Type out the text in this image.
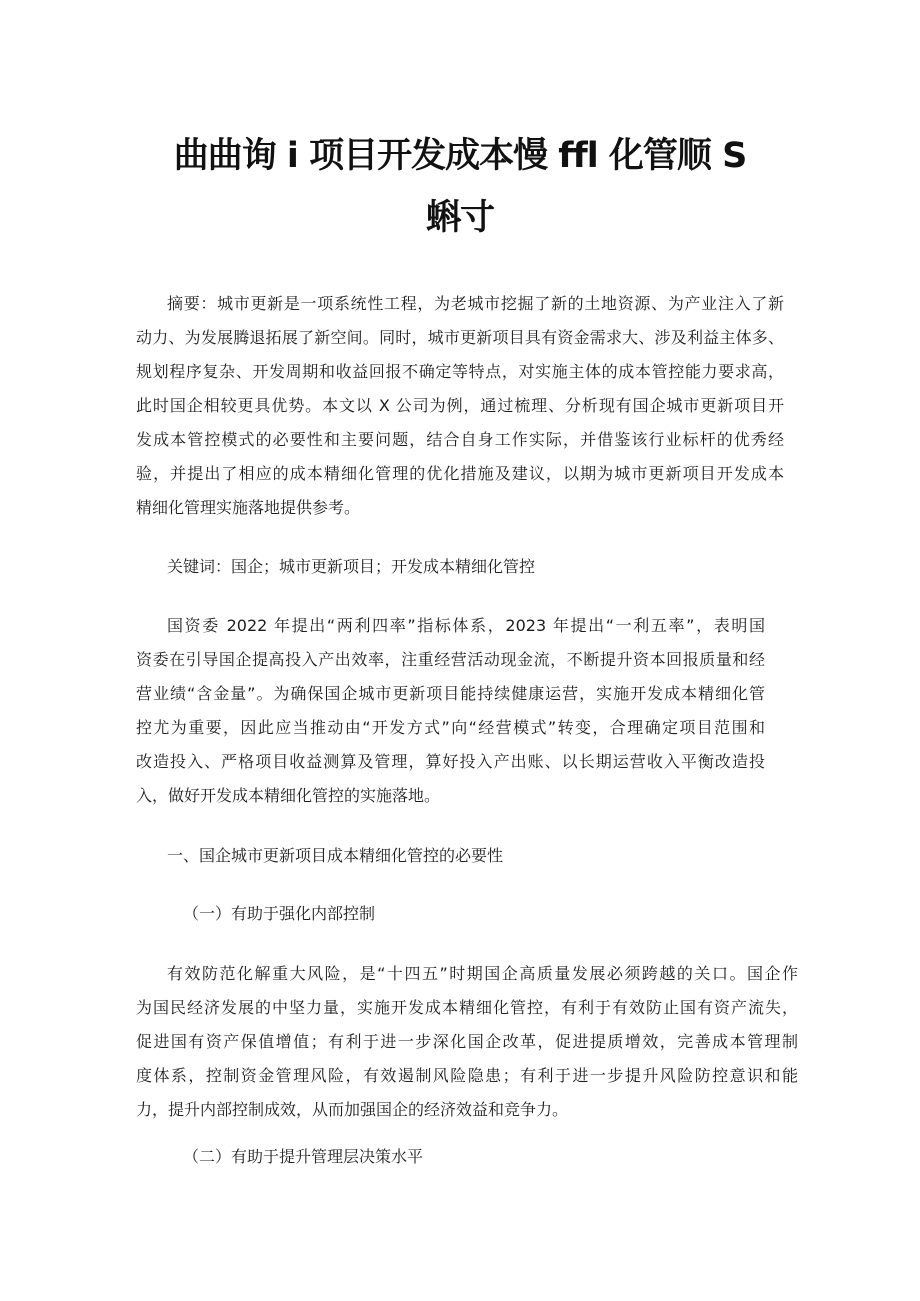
曲曲询 i 项目开发成本慢 ffl 化管顺 S
蝌寸
摘要：城市更新是一项系统性工程，为老城市挖掘了新的土地资源、为产业注入了新
动力、为发展腾退拓展了新空间。同时，城市更新项目具有资金需求大、涉及利益主体多、
规划程序复杂、开发周期和收益回报不确定等特点，对实施主体的成本管控能力要求高，
此时国企相较更具优势。本文以 X 公司为例，通过梳理、分析现有国企城市更新项目开
发成本管控模式的必要性和主要问题，结合自身工作实际，并借鉴该行业标杆的优秀经
验，并提出了相应的成本精细化管理的优化措施及建议，以期为城市更新项目开发成本
精细化管理实施落地提供参考。
关键词：国企；城市更新项目；开发成本精细化管控
国资委 2022 年提出“两利四率”指标体系，2023 年提出“一利五率”，表明国
资委在引导国企提高投入产出效率，注重经营活动现金流，不断提升资本回报质量和经
营业绩“含金量”。为确保国企城市更新项目能持续健康运营，实施开发成本精细化管
控尤为重要，因此应当推动由“开发方式”向“经营模式”转变，合理确定项目范围和
改造投入、严格项目收益测算及管理，算好投入产出账、以长期运营收入平衡改造投
入，做好开发成本精细化管控的实施落地。
一、国企城市更新项目成本精细化管控的必要性
（一）有助于强化内部控制
有效防范化解重大风险，是“十四五”时期国企高质量发展必须跨越的关口。国企作
为国民经济发展的中坚力量，实施开发成本精细化管控，有利于有效防止国有资产流失，
促进国有资产保值增值；有利于进一步深化国企改革，促进提质增效，完善成本管理制
度体系，控制资金管理风险，有效遏制风险隐患；有利于进一步提升风险防控意识和能
力，提升内部控制成效，从而加强国企的经济效益和竞争力。
（二）有助于提升管理层决策水平
